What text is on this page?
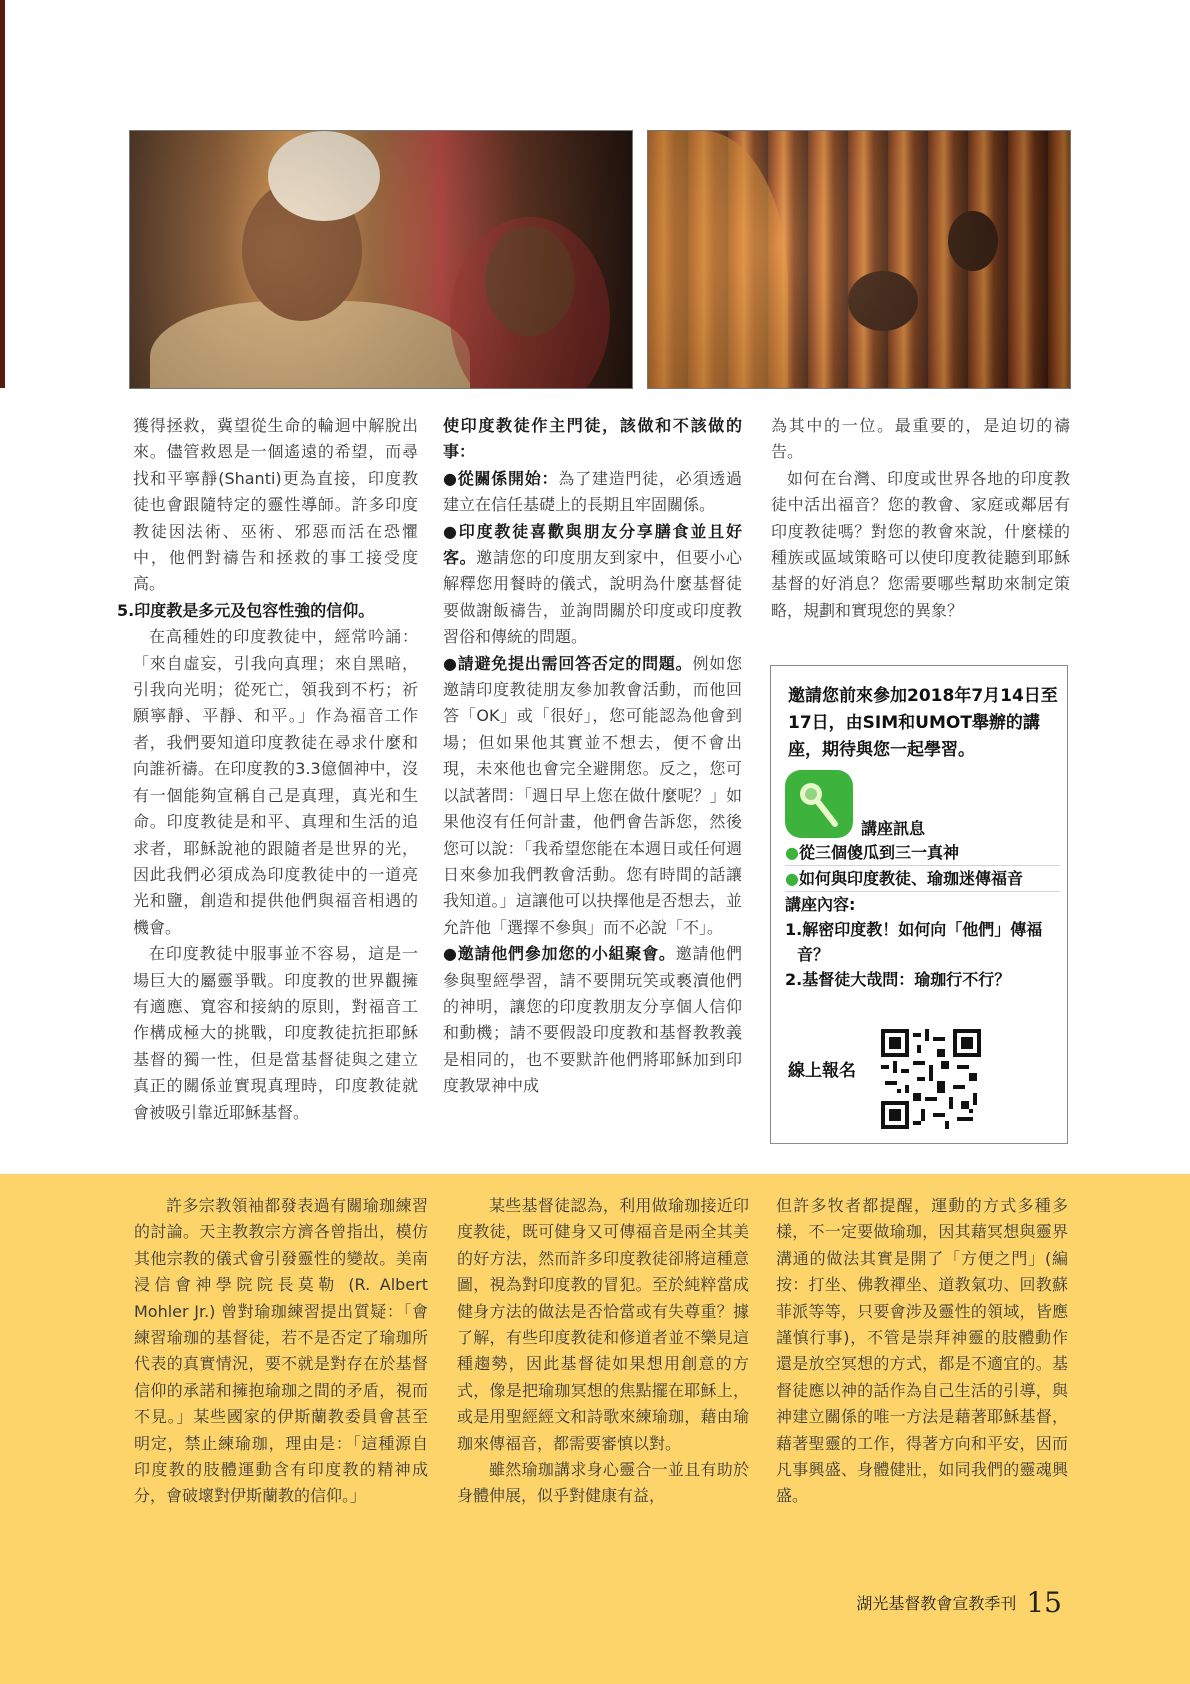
獲得拯救，冀望從生命的輪迴中解脫出來。儘管救恩是一個遙遠的希望，而尋找和平寧靜(Shanti)更為直接，印度教徒也會跟隨特定的靈性導師。許多印度教徒因法術、巫術、邪惡而活在恐懼中，他們對禱告和拯救的事工接受度高。

5.印度教是多元及包容性強的信仰。

在高種姓的印度教徒中，經常吟誦：「來自虛妄，引我向真理；來自黑暗，引我向光明；從死亡，領我到不朽；祈願寧靜、平靜、和平。」作為福音工作者，我們要知道印度教徒在尋求什麼和向誰祈禱。在印度教的3.3億個神中，沒有一個能夠宣稱自己是真理，真光和生命。印度教徒是和平、真理和生活的追求者，耶穌說祂的跟隨者是世界的光，因此我們必須成為印度教徒中的一道亮光和鹽，創造和提供他們與福音相遇的機會。

在印度教徒中服事並不容易，這是一場巨大的屬靈爭戰。印度教的世界觀擁有適應、寬容和接納的原則，對福音工作構成極大的挑戰，印度教徒抗拒耶穌基督的獨一性，但是當基督徒與之建立真正的關係並實現真理時，印度教徒就會被吸引靠近耶穌基督。

使印度教徒作主門徒，該做和不該做的事：

●從關係開始：為了建造門徒，必須透過建立在信任基礎上的長期且牢固關係。

●印度教徒喜歡與朋友分享膳食並且好客。邀請您的印度朋友到家中，但要小心解釋您用餐時的儀式，說明為什麼基督徒要做謝飯禱告，並詢問關於印度或印度教習俗和傳統的問題。

●請避免提出需回答否定的問題。例如您邀請印度教徒朋友參加教會活動，而他回答「OK」或「很好」，您可能認為他會到場；但如果他其實並不想去，便不會出現，未來他也會完全避開您。反之，您可以試著問：「週日早上您在做什麼呢？」如果他沒有任何計畫，他們會告訴您，然後您可以說：「我希望您能在本週日或任何週日來參加我們教會活動。您有時間的話讓我知道。」這讓他可以抉擇他是否想去，並允許他「選擇不參與」而不必說「不」。

●邀請他們參加您的小組聚會。邀請他們參與聖經學習，請不要開玩笑或褻瀆他們的神明，讓您的印度教朋友分享個人信仰和動機；請不要假設印度教和基督教教義是相同的，也不要默許他們將耶穌加到印度教眾神中成

為其中的一位。最重要的，是迫切的禱告。

如何在台灣、印度或世界各地的印度教徒中活出福音？您的教會、家庭或鄰居有印度教徒嗎？對您的教會來說，什麼樣的種族或區域策略可以使印度教徒聽到耶穌基督的好消息？您需要哪些幫助來制定策略，規劃和實現您的異象？

邀請您前來參加2018年7月14日至17日，由SIM和UMOT舉辦的講座，期待與您一起學習。
講座訊息
●從三個傻瓜到三一真神
●如何與印度教徒、瑜珈迷傳福音
講座內容:
1.解密印度教！如何向「他們」傳福音？
2.基督徒大哉問：瑜珈行不行？
線上報名

許多宗教領袖都發表過有關瑜珈練習的討論。天主教教宗方濟各曾指出，模仿其他宗教的儀式會引發靈性的變故。美南浸信會神學院院長莫勒 (R. Albert Mohler Jr.) 曾對瑜珈練習提出質疑：「會練習瑜珈的基督徒，若不是否定了瑜珈所代表的真實情況，要不就是對存在於基督信仰的承諾和擁抱瑜珈之間的矛盾，視而不見。」某些國家的伊斯蘭教委員會甚至明定，禁止練瑜珈，理由是：「這種源自印度教的肢體運動含有印度教的精神成分，會破壞對伊斯蘭教的信仰。」

某些基督徒認為，利用做瑜珈接近印度教徒，既可健身又可傳福音是兩全其美的好方法，然而許多印度教徒卻將這種意圖，視為對印度教的冒犯。至於純粹當成健身方法的做法是否恰當或有失尊重？據了解，有些印度教徒和修道者並不樂見這種趨勢，因此基督徒如果想用創意的方式，像是把瑜珈冥想的焦點擺在耶穌上，或是用聖經經文和詩歌來練瑜珈，藉由瑜珈來傳福音，都需要審慎以對。

雖然瑜珈講求身心靈合一並且有助於身體伸展，似乎對健康有益，

但許多牧者都提醒，運動的方式多種多樣，不一定要做瑜珈，因其藉冥想與靈界溝通的做法其實是開了「方便之門」(編按：打坐、佛教禪坐、道教氣功、回教蘇菲派等等，只要會涉及靈性的領域，皆應謹慎行事)，不管是崇拜神靈的肢體動作還是放空冥想的方式，都是不適宜的。基督徒應以神的話作為自己生活的引導，與神建立關係的唯一方法是藉著耶穌基督，藉著聖靈的工作，得著方向和平安，因而凡事興盛、身體健壯，如同我們的靈魂興盛。

湖光基督教會宣教季刊 15
